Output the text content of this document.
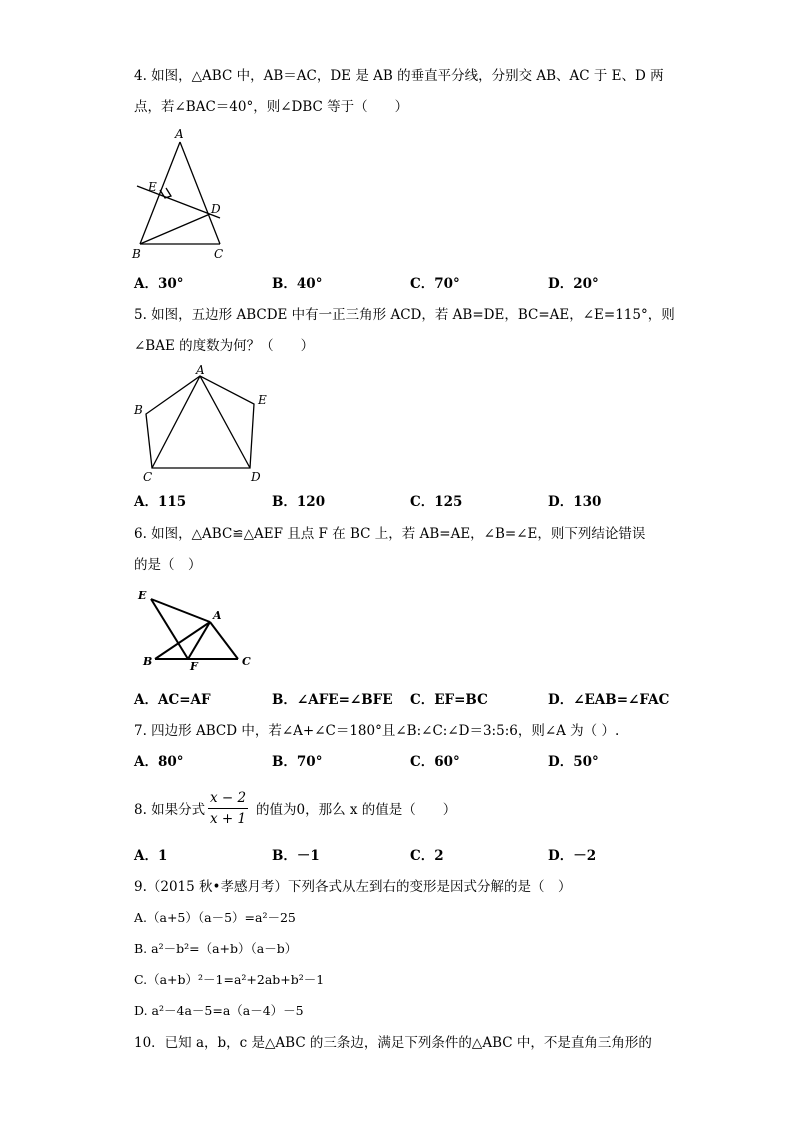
4. 如图，△ABC 中，AB＝AC，DE 是 AB 的垂直平分线，分别交 AB、AC 于 E、D 两
点，若∠BAC＝40°，则∠DBC 等于（　　）
A
B	C
D
E
A．30°	B．40°	C．70°	D．20°
5. 如图，五边形 ABCDE 中有一正三角形 ACD，若 AB=DE，BC=AE，∠E=115°，则
∠BAE 的度数为何？（　　）
A
B
C	D
E
A．115	B．120	C．125	D．130
6. 如图，△ABC≌△AEF 且点 F 在 BC 上，若 AB=AE，∠B=∠E，则下列结论错误
的是（　）
E
A
B	F	C
A．AC=AF	B．∠AFE=∠BFE C．EF=BC	D．∠EAB=∠FAC
7. 四边形 ABCD 中，若∠A+∠C＝180°且∠B:∠C:∠D＝3:5:6，则∠A 为（ ）.
A．80°	B．70°	C．60°	D．50°
8. 如果分式
x − 2
x + 1
的值为0，那么 x 的值是（　　）
A．1	B．－1	C．2	D．－2
9.（2015 秋•孝感月考）下列各式从左到右的变形是因式分解的是（　）
A.（a+5）（a－5）=a²－25
B. a²－b²=（a+b）（a－b）
C.（a+b）²－1=a²+2ab+b²－1
D. a²－4a－5=a（a－4）－5
10．已知 a，b，c 是△ABC 的三条边，满足下列条件的△ABC 中，不是直角三角形的
